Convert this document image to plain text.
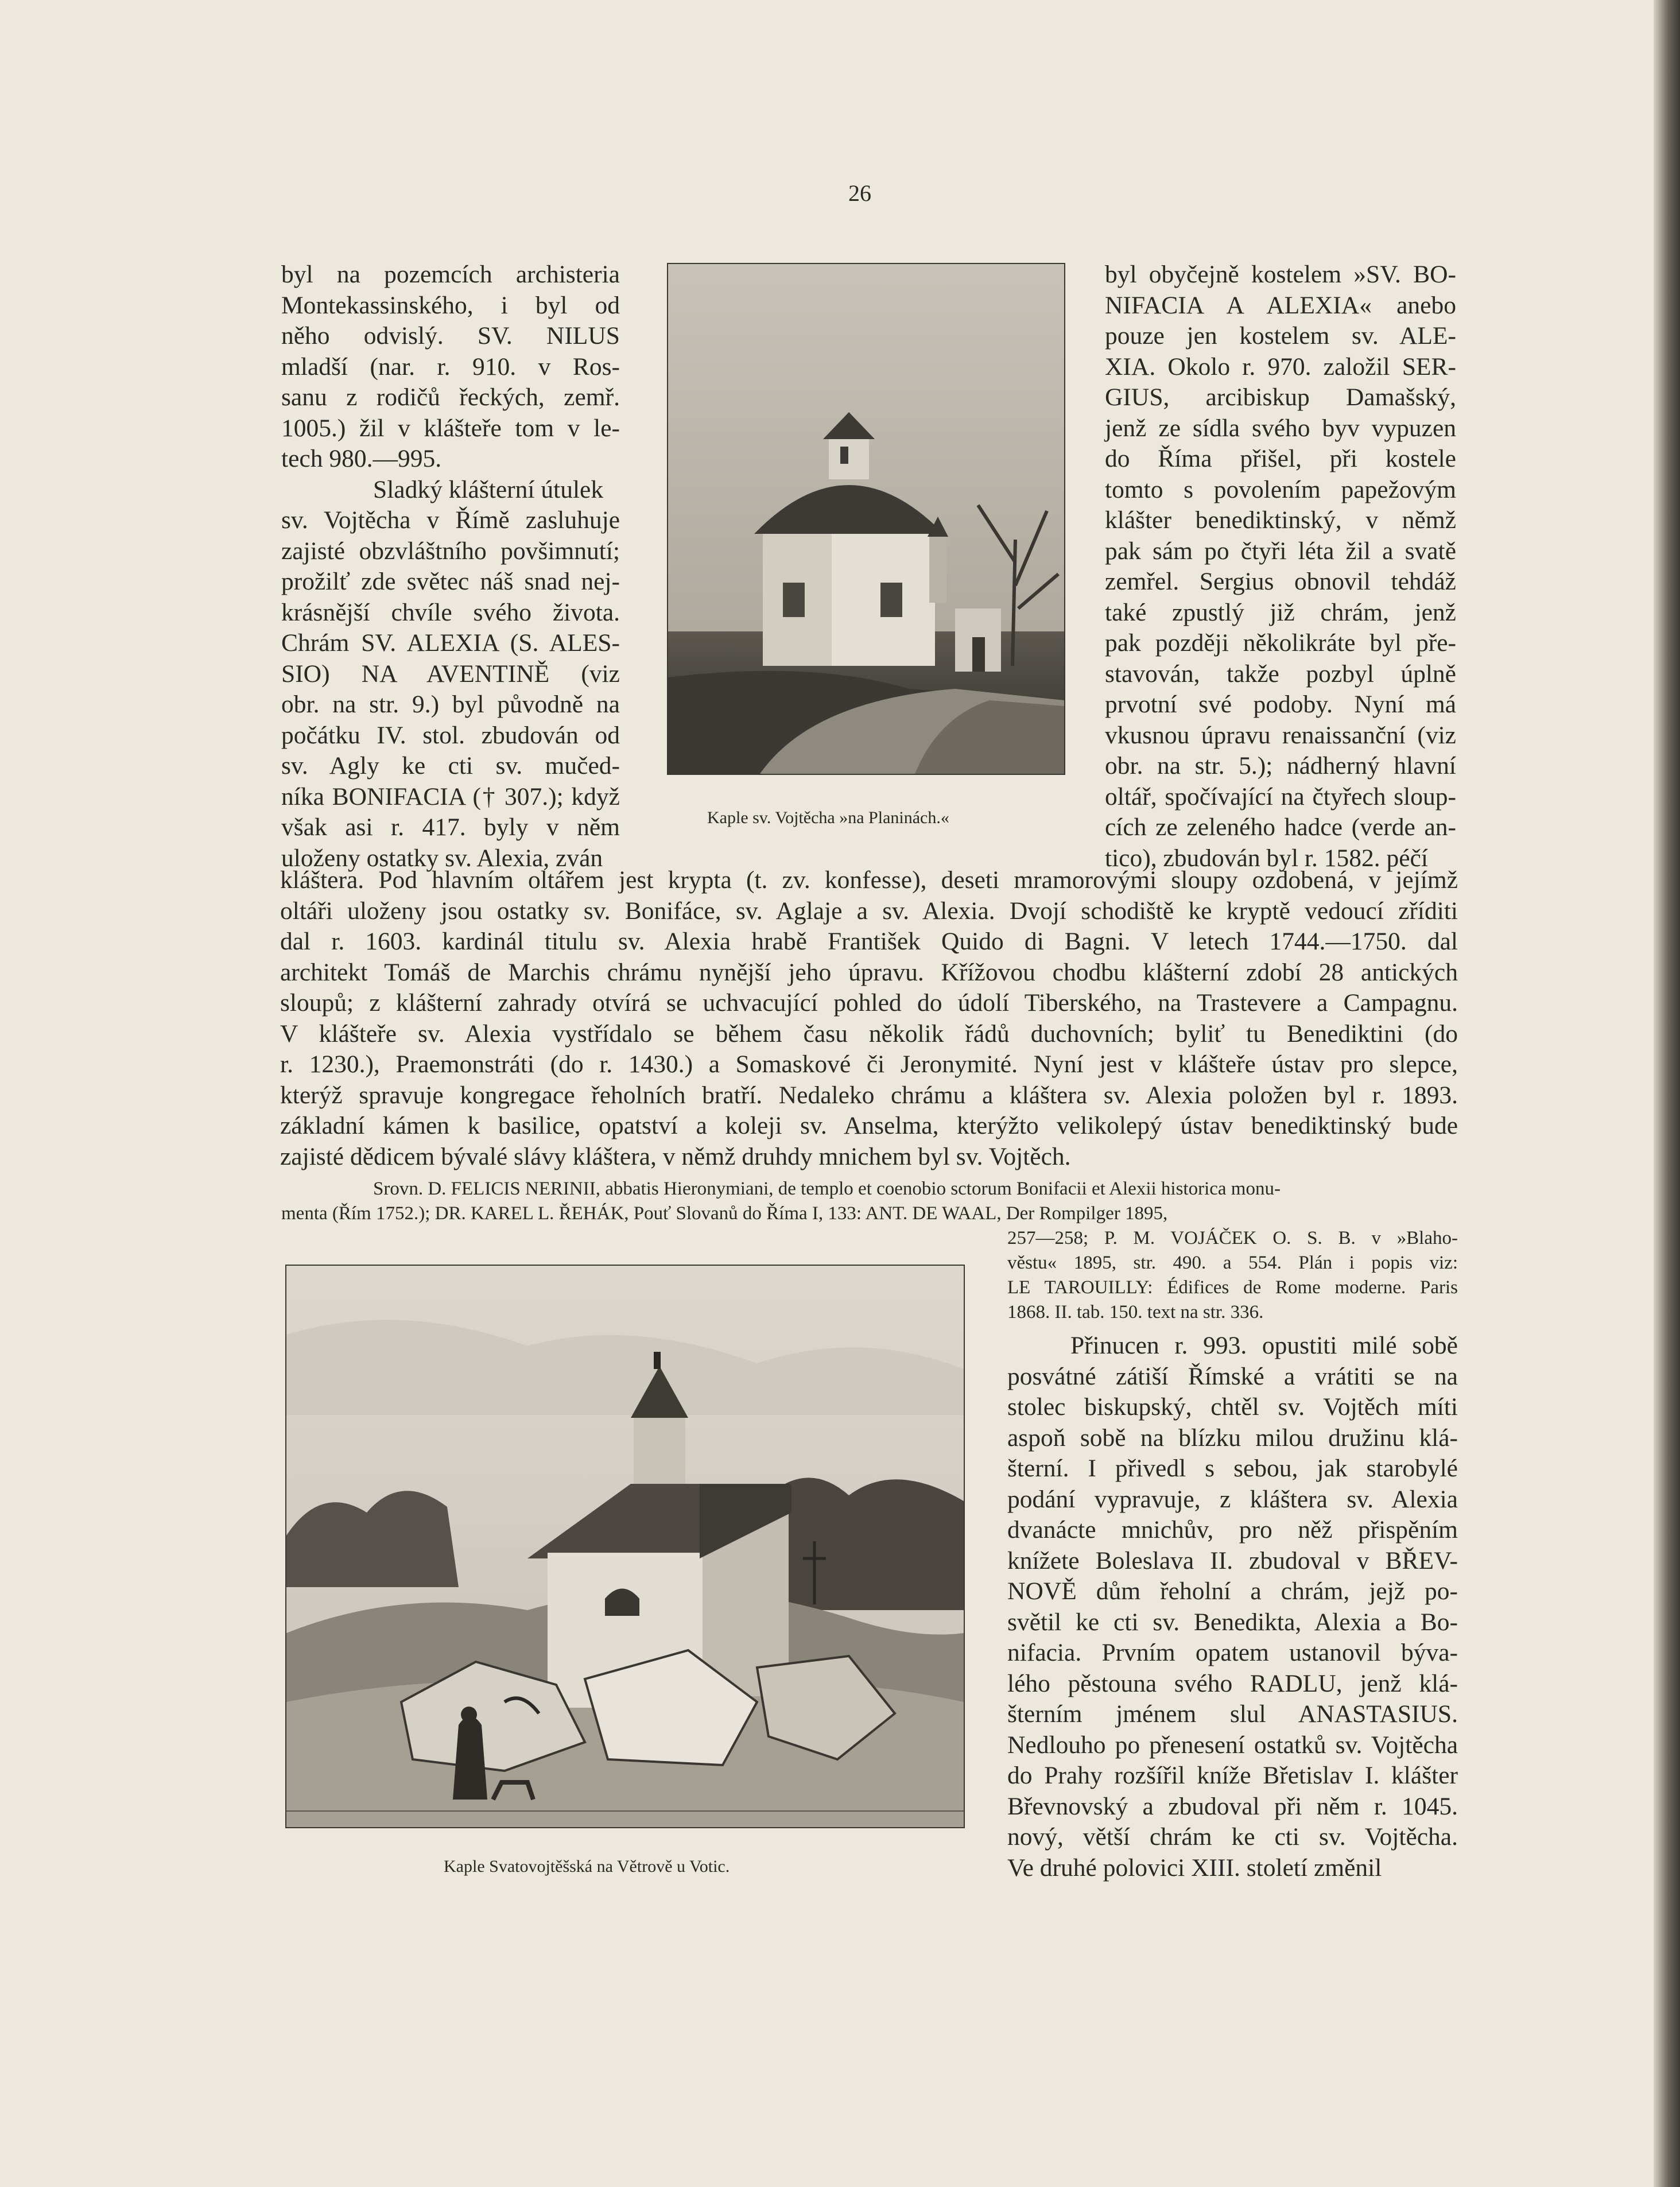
26
byl na pozemcích archisteria
Montekassinského, i byl od
něho odvislý. SV. NILUS
mladší (nar. r. 910. v Ros-
sanu z rodičů řeckých, zemř.
1005.) žil v klášteře tom v le-
tech 980.—995.
Sladký klášterní útulek
sv. Vojtěcha v Římě zasluhuje
zajisté obzvláštního povšimnutí;
prožilť zde světec náš snad nej-
krásnější chvíle svého života.
Chrám SV. ALEXIA (S. ALES-
SIO) NA AVENTINĚ (viz
obr. na str. 9.) byl původně na
počátku IV. stol. zbudován od
sv. Agly ke cti sv. mučed-
níka BONIFACIA († 307.); když
však asi r. 417. byly v něm
uloženy ostatky sv. Alexia, zván
Kaple sv. Vojtěcha »na Planinách.«
byl obyčejně kostelem »SV. BO-
NIFACIA A ALEXIA« anebo
pouze jen kostelem sv. ALE-
XIA. Okolo r. 970. založil SER-
GIUS, arcibiskup Damašský,
jenž ze sídla svého byv vypuzen
do Říma přišel, při kostele
tomto s povolením papežovým
klášter benediktinský, v němž
pak sám po čtyři léta žil a svatě
zemřel. Sergius obnovil tehdáž
také zpustlý již chrám, jenž
pak později několikráte byl pře-
stavován, takže pozbyl úplně
prvotní své podoby. Nyní má
vkusnou úpravu renaissanční (viz
obr. na str. 5.); nádherný hlavní
oltář, spočívající na čtyřech sloup-
cích ze zeleného hadce (verde an-
tico), zbudován byl r. 1582. péčí
kláštera. Pod hlavním oltářem jest krypta (t. zv. konfesse), deseti mramorovými sloupy ozdobená, v jejímž
oltáři uloženy jsou ostatky sv. Bonifáce, sv. Aglaje a sv. Alexia. Dvojí schodiště ke kryptě vedoucí zříditi
dal r. 1603. kardinál titulu sv. Alexia hrabě František Quido di Bagni. V letech 1744.—1750. dal
architekt Tomáš de Marchis chrámu nynější jeho úpravu. Křížovou chodbu klášterní zdobí 28 antických
sloupů; z klášterní zahrady otvírá se uchvacující pohled do údolí Tiberského, na Trastevere a Campagnu.
V klášteře sv. Alexia vystřídalo se během času několik řádů duchovních; byliť tu Benediktini (do
r. 1230.), Praemonstráti (do r. 1430.) a Somaskové či Jeronymité. Nyní jest v klášteře ústav pro slepce,
kterýž spravuje kongregace řeholních bratří. Nedaleko chrámu a kláštera sv. Alexia položen byl r. 1893.
základní kámen k basilice, opatství a koleji sv. Anselma, kterýžto velikolepý ústav benediktinský bude
zajisté dědicem bývalé slávy kláštera, v němž druhdy mnichem byl sv. Vojtěch.
Srovn. D. FELICIS NERINII, abbatis Hieronymiani, de templo et coenobio sctorum Bonifacii et Alexii historica monu-
menta (Řím 1752.); DR. KAREL L. ŘEHÁK, Pouť Slovanů do Říma I, 133: ANT. DE WAAL, Der Rompilger 1895,
257—258; P. M. VOJÁČEK O. S. B. v »Blaho-
věstu« 1895, str. 490. a 554. Plán i popis viz:
LE TAROUILLY: Édifices de Rome moderne. Paris
1868. II. tab. 150. text na str. 336.
Kaple Svatovojtěšská na Větrově u Votic.
Přinucen r. 993. opustiti milé sobě
posvátné zátiší Římské a vrátiti se na
stolec biskupský, chtěl sv. Vojtěch míti
aspoň sobě na blízku milou družinu klá-
šterní. I přivedl s sebou, jak starobylé
podání vypravuje, z kláštera sv. Alexia
dvanácte mnichův, pro něž přispěním
knížete Boleslava II. zbudoval v BŘEV-
NOVĚ dům řeholní a chrám, jejž po-
světil ke cti sv. Benedikta, Alexia a Bo-
nifacia. Prvním opatem ustanovil býva-
lého pěstouna svého RADLU, jenž klá-
šterním jménem slul ANASTASIUS.
Nedlouho po přenesení ostatků sv. Vojtěcha
do Prahy rozšířil kníže Břetislav I. klášter
Břevnovský a zbudoval při něm r. 1045.
nový, větší chrám ke cti sv. Vojtěcha.
Ve druhé polovici XIII. století změnil
